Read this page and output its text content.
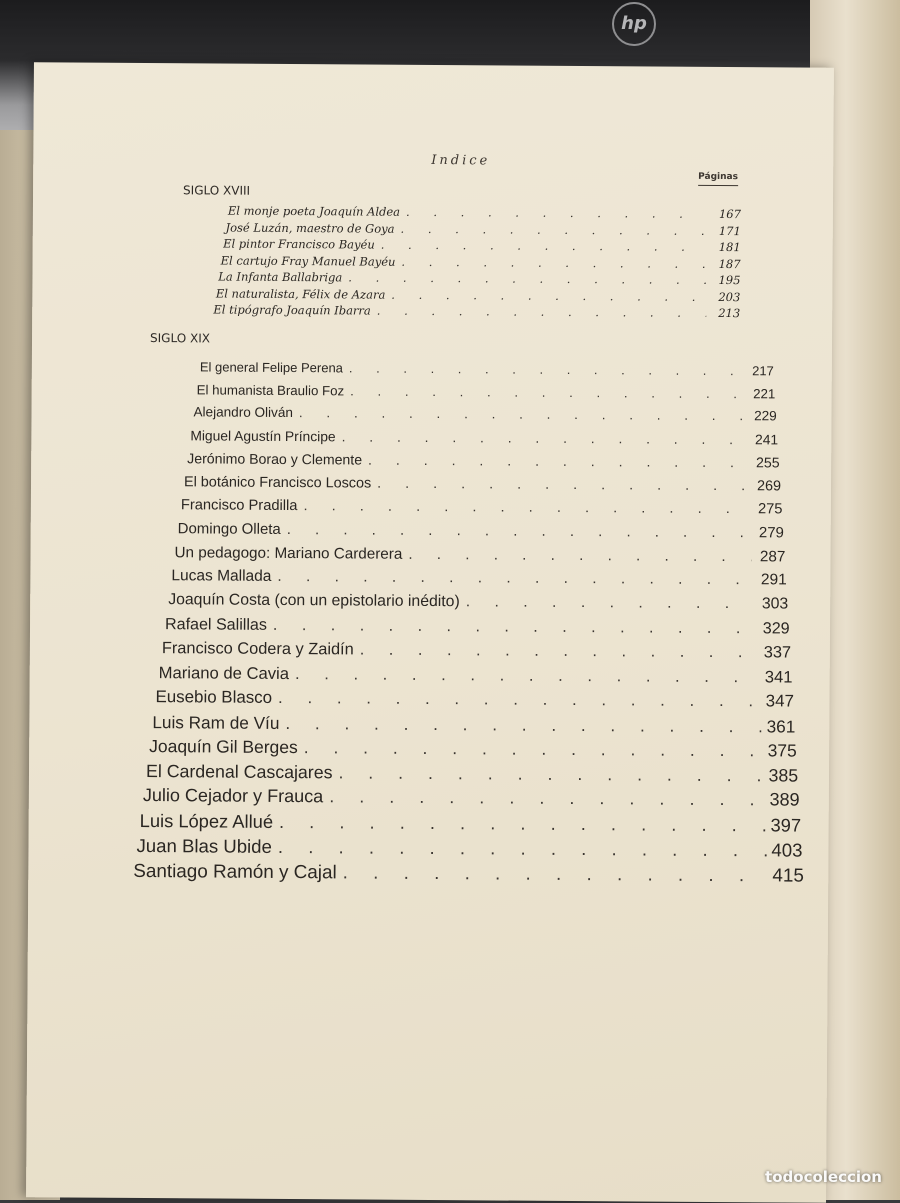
hp
Indice
Páginas
SIGLO XVIII
SIGLO XIX
El monje poeta Joaquín Aldea . . .	167
José Luzán, maestro de Goya . . .	171
El pintor Francisco Bayéu . . .	181
El cartujo Fray Manuel Bayéu . . .	187
La Infanta Ballabriga . . .	195
El naturalista, Félix de Azara . . .	203
El tipógrafo Joaquín Ibarra . . .	213
El general Felipe Perena . . .	217
El humanista Braulio Foz . . .	221
Alejandro Oliván . . .	229
Miguel Agustín Príncipe . . .	241
Jerónimo Borao y Clemente . . .	255
El botánico Francisco Loscos . . .	269
Francisco Pradilla . . .	275
Domingo Olleta . . .	279
Un pedagogo: Mariano Carderera . . .	287
Lucas Mallada . . .	291
Joaquín Costa (con un epistolario inédito) . . .	303
Rafael Salillas . . .	329
Francisco Codera y Zaidín . . .	337
Mariano de Cavia . . .	341
Eusebio Blasco . . .	347
Luis Ram de Víu . . .	361
Joaquín Gil Berges . . .	375
El Cardenal Cascajares . . .	385
Julio Cejador y Frauca . . .	389
Luis López Allué . . .	397
Juan Blas Ubide . . .	403
Santiago Ramón y Cajal . . .	415
todocoleccion
